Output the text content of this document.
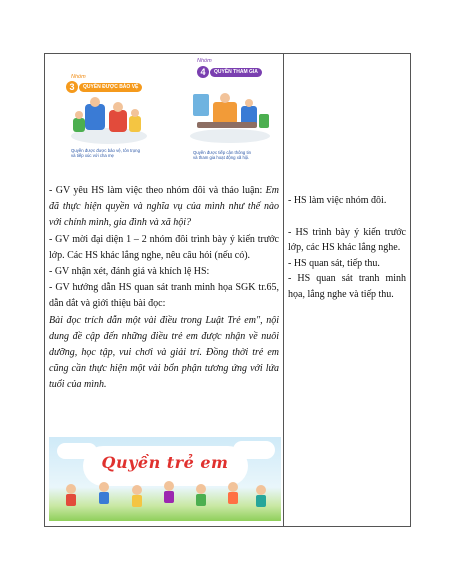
Nhóm
3	QUYỀN ĐƯỢC BẢO VỆ
Quyền được được bảo vệ, tôn trọng
và tiếp xúc với cha mẹ
Nhóm
4	QUYỀN THAM GIA
Quyền được tiếp cận thông tin
và tham gia hoạt động xã hội.

- GV yêu HS làm việc theo nhóm đôi và thảo luận: Em đã thực hiện quyền và nghĩa vụ của mình như thế nào với chính mình, gia đình và xã hội?

- GV mời đại diện 1 – 2 nhóm đôi trình bày ý kiến trước lớp. Các HS khác lắng nghe, nêu câu hỏi (nếu có).

- GV nhận xét, đánh giá và khích lệ HS:

- GV hướng dẫn HS quan sát tranh minh họa SGK tr.65, dẫn dắt và giới thiệu bài đọc:

Bài đọc trích dẫn một vài điều trong Luật Trẻ em", nội dung đề cập đến những điều trẻ em được nhận về nuôi dưỡng, học tập, vui chơi và giải trí. Đồng thời trẻ em cũng cần thực hiện một vài bổn phận tương ứng với lứa tuổi của mình.

Quyền trẻ em

- HS làm việc nhóm đôi.

- HS trình bày ý kiến trước lớp, các HS khác lắng nghe.

- HS quan sát, tiếp thu.

- HS quan sát tranh minh họa, lắng nghe và tiếp thu.
